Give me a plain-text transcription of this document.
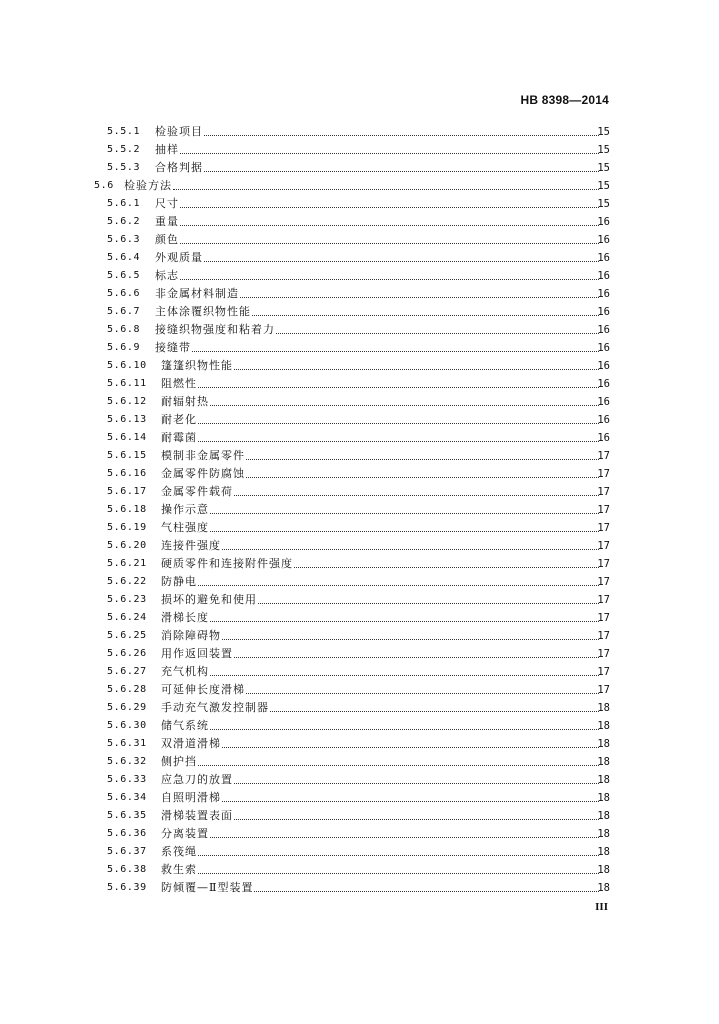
HB 8398—2014
5.5.1	检验项目	15
5.5.2	抽样	15
5.5.3	合格判据	15
5.6 检验方法	15
5.6.1	尺寸	15
5.6.2	重量	16
5.6.3	颜色	16
5.6.4	外观质量	16
5.6.5	标志	16
5.6.6	非金属材料制造	16
5.6.7	主体涂覆织物性能	16
5.6.8	接缝织物强度和粘着力	16
5.6.9	接缝带	16
5.6.10	篷篷织物性能	16
5.6.11	阻燃性	16
5.6.12	耐辐射热	16
5.6.13	耐老化	16
5.6.14	耐霉菌	16
5.6.15	模制非金属零件	17
5.6.16	金属零件防腐蚀	17
5.6.17	金属零件载荷	17
5.6.18	操作示意	17
5.6.19	气柱强度	17
5.6.20	连接件强度	17
5.6.21	硬质零件和连接附件强度	17
5.6.22	防静电	17
5.6.23	损坏的避免和使用	17
5.6.24	滑梯长度	17
5.6.25	消除障碍物	17
5.6.26	用作返回装置	17
5.6.27	充气机构	17
5.6.28	可延伸长度滑梯	17
5.6.29	手动充气激发控制器	18
5.6.30	储气系统	18
5.6.31	双滑道滑梯	18
5.6.32	侧护挡	18
5.6.33	应急刀的放置	18
5.6.34	自照明滑梯	18
5.6.35	滑梯装置表面	18
5.6.36	分离装置	18
5.6.37	系筏绳	18
5.6.38	救生索	18
5.6.39	防倾覆—Ⅱ型装置	18
III
